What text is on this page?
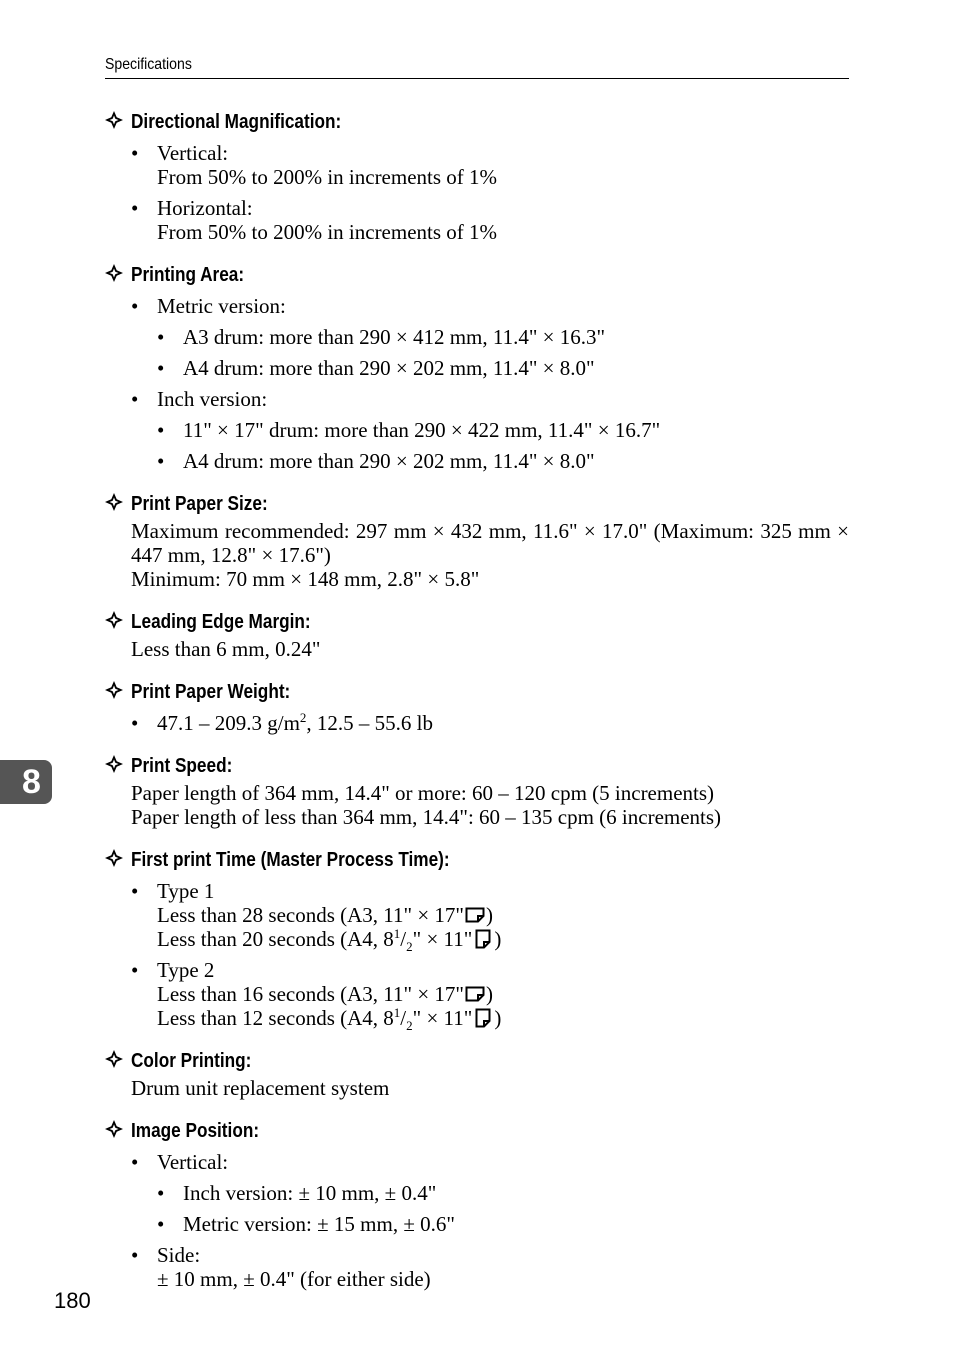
Specifications
8
Directional Magnification:
• Vertical:
From 50% to 200% in increments of 1%
• Horizontal:
From 50% to 200% in increments of 1%
Printing Area:
• Metric version:
• A3 drum: more than 290 × 412 mm, 11.4" × 16.3"
• A4 drum: more than 290 × 202 mm, 11.4" × 8.0"
• Inch version:
• 11" × 17" drum: more than 290 × 422 mm, 11.4" × 16.7"
• A4 drum: more than 290 × 202 mm, 11.4" × 8.0"
Print Paper Size:
Maximum recommended: 297 mm × 432 mm, 11.6" × 17.0" (Maximum: 325 mm × 447 mm, 12.8" × 17.6")
Minimum: 70 mm × 148 mm, 2.8" × 5.8"
Leading Edge Margin:
Less than 6 mm, 0.24"
Print Paper Weight:
• 47.1 – 209.3 $g/m^2$, 12.5 – 55.6 lb
Print Speed:
Paper length of 364 mm, 14.4" or more: 60 – 120 cpm (5 increments)
Paper length of less than 364 mm, 14.4": 60 – 135 cpm (6 increments)
First print Time (Master Process Time):
• Type 1
Less than 28 seconds (A3, 11" × 17" )
Less than 20 seconds (A4, $8^1/_2$" × 11" )
• Type 2
Less than 16 seconds (A3, 11" × 17" )
Less than 12 seconds (A4, $8^1/_2$" × 11" )
Color Printing:
Drum unit replacement system
Image Position:
• Vertical:
• Inch version: ± 10 mm, ± 0.4"
• Metric version: ± 15 mm, ± 0.6"
• Side:
± 10 mm, ± 0.4" (for either side)
180
